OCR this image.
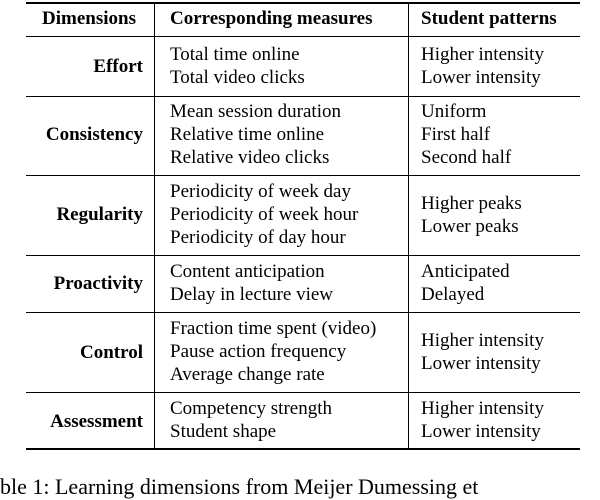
Dimensions Corresponding measures	Student patterns
Effort
Total time online
Total video clicks
Higher intensity
Lower intensity
Consistency
Mean session duration
Relative time online
Relative video clicks
Uniform
First half
Second half
Regularity
Periodicity of week day
Periodicity of week hour
Periodicity of day hour
Higher peaks
Lower peaks
Proactivity
Content anticipation
Delay in lecture view
Anticipated
Delayed
Control
Fraction time spent (video)
Pause action frequency
Average change rate
Higher intensity
Lower intensity
Assessment
Competency strength
Student shape
Higher intensity
Lower intensity
ble 1: Learning dimensions from Meijer Dumessing et
